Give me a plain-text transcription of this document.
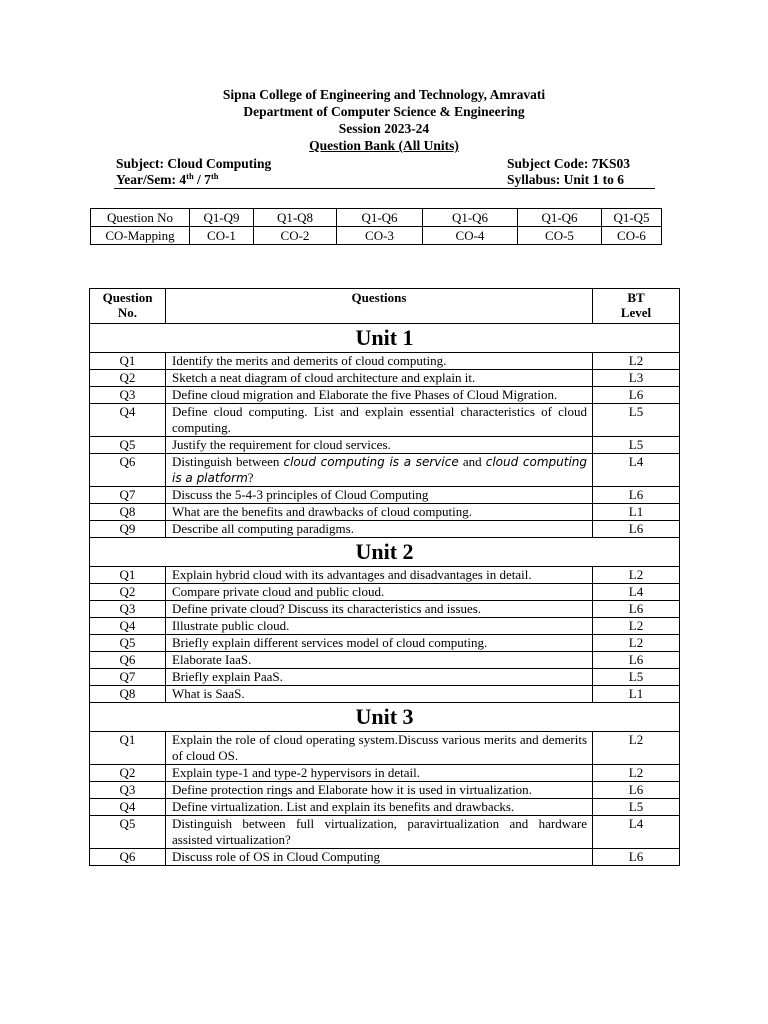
Sipna College of Engineering and Technology, Amravati
Department of Computer Science & Engineering
Session 2023-24
Question Bank (All Units)
Subject: Cloud Computing	Subject Code: 7KS03
Year/Sem: 4th / 7th	Syllabus: Unit 1 to 6
Question No	Q1-Q9	Q1-Q8	Q1-Q6	Q1-Q6	Q1-Q6	Q1-Q5
CO-Mapping	CO-1	CO-2	CO-3	CO-4	CO-5	CO-6
Question
No.	Questions	BT
Level
Unit 1		
Q1	Identify the merits and demerits of cloud computing.	L2
Q2	Sketch a neat diagram of cloud architecture and explain it.	L3
Q3	Define cloud migration and Elaborate the five Phases of Cloud Migration.	L6
Q4	Define cloud computing. List and explain essential characteristics of cloud computing.	L5
Q5	Justify the requirement for cloud services.	L5
Q6	Distinguish between cloud computing is a service and cloud computing is a platform?	L4
Q7	Discuss the 5-4-3 principles of Cloud Computing	L6
Q8	What are the benefits and drawbacks of cloud computing.	L1
Q9	Describe all computing paradigms.	L6
Unit 2		
Q1	Explain hybrid cloud with its advantages and disadvantages in detail.	L2
Q2	Compare private cloud and public cloud.	L4
Q3	Define private cloud? Discuss its characteristics and issues.	L6
Q4	Illustrate public cloud.	L2
Q5	Briefly explain different services model of cloud computing.	L2
Q6	Elaborate IaaS.	L6
Q7	Briefly explain PaaS.	L5
Q8	What is SaaS.	L1
Unit 3		
Q1	Explain the role of cloud operating system.Discuss various merits and demerits of cloud OS.	L2
Q2	Explain type-1 and type-2 hypervisors in detail.	L2
Q3	Define protection rings and Elaborate how it is used in virtualization.	L6
Q4	Define virtualization. List and explain its benefits and drawbacks.	L5
Q5	Distinguish between full virtualization, paravirtualization and hardware assisted virtualization?	L4
Q6	Discuss role of OS in Cloud Computing	L6
